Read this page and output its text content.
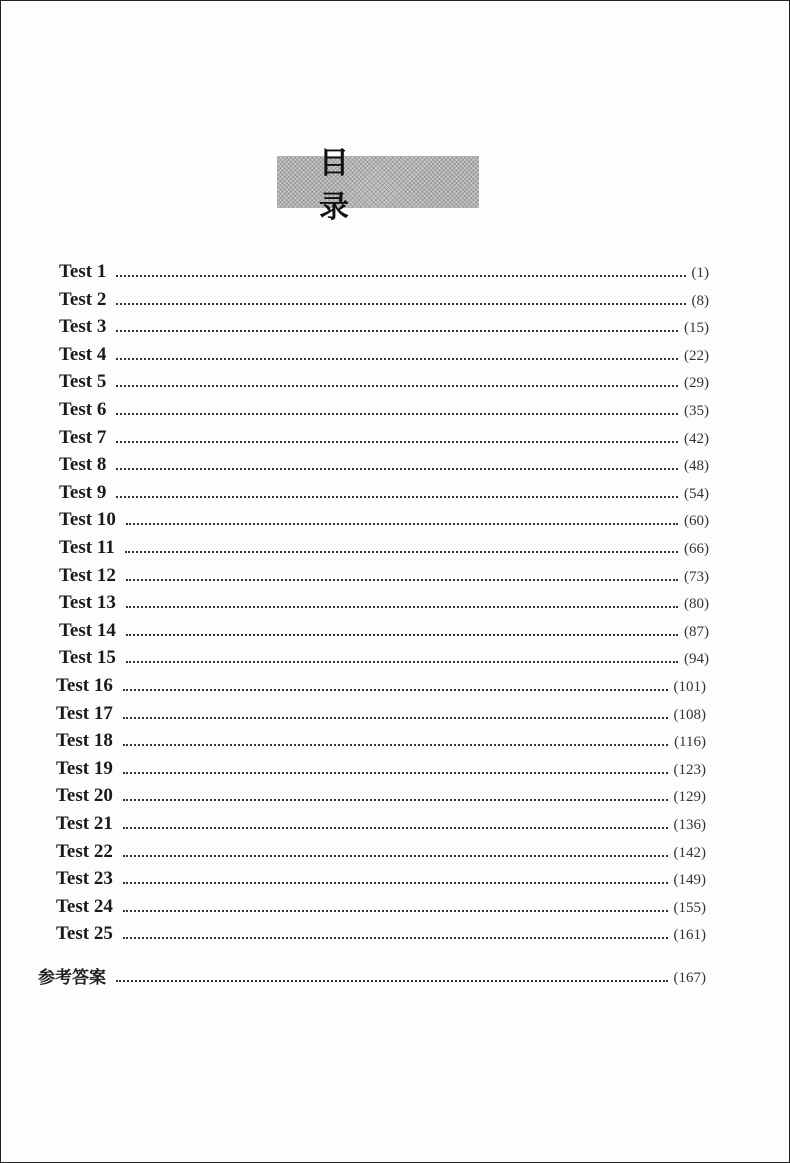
目 录
Test 1	(1)
Test 2	(8)
Test 3	(15)
Test 4	(22)
Test 5	(29)
Test 6	(35)
Test 7	(42)
Test 8	(48)
Test 9	(54)
Test 10	(60)
Test 11	(66)
Test 12	(73)
Test 13	(80)
Test 14	(87)
Test 15	(94)
Test 16	(101)
Test 17	(108)
Test 18	(116)
Test 19	(123)
Test 20	(129)
Test 21	(136)
Test 22	(142)
Test 23	(149)
Test 24	(155)
Test 25	(161)
参考答案	(167)
